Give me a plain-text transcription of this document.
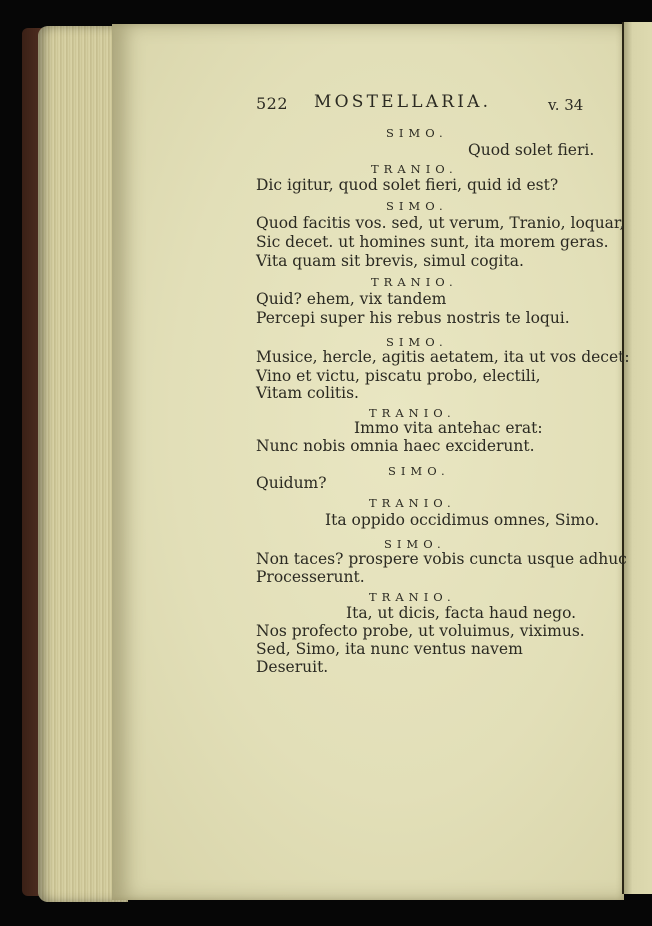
522 MOSTELLARIA.	v. 34
SIMO.
Quod solet fieri.
TRANIO.
Dic igitur, quod solet fieri, quid id est?
SIMO.
Quod facitis vos. sed, ut verum, Tranio, loquar,
Sic decet. ut homines sunt, ita morem geras.
Vita quam sit brevis, simul cogita.
TRANIO.
Quid? ehem, vix tandem
Percepi super his rebus nostris te loqui.
SIMO.
Musice, hercle, agitis aetatem, ita ut vos decet:
Vino et victu, piscatu probo, electili,
Vitam colitis.
TRANIO.
Immo vita antehac erat:
Nunc nobis omnia haec exciderunt.
SIMO.
Quidum?
TRANIO.
Ita oppido occidimus omnes, Simo.
SIMO.
Non taces? prospere vobis cuncta usque adhuc
Processerunt.
TRANIO.
Ita, ut dicis, facta haud nego.
Nos profecto probe, ut voluimus, viximus.
Sed, Simo, ita nunc ventus navem
Deseruit.
